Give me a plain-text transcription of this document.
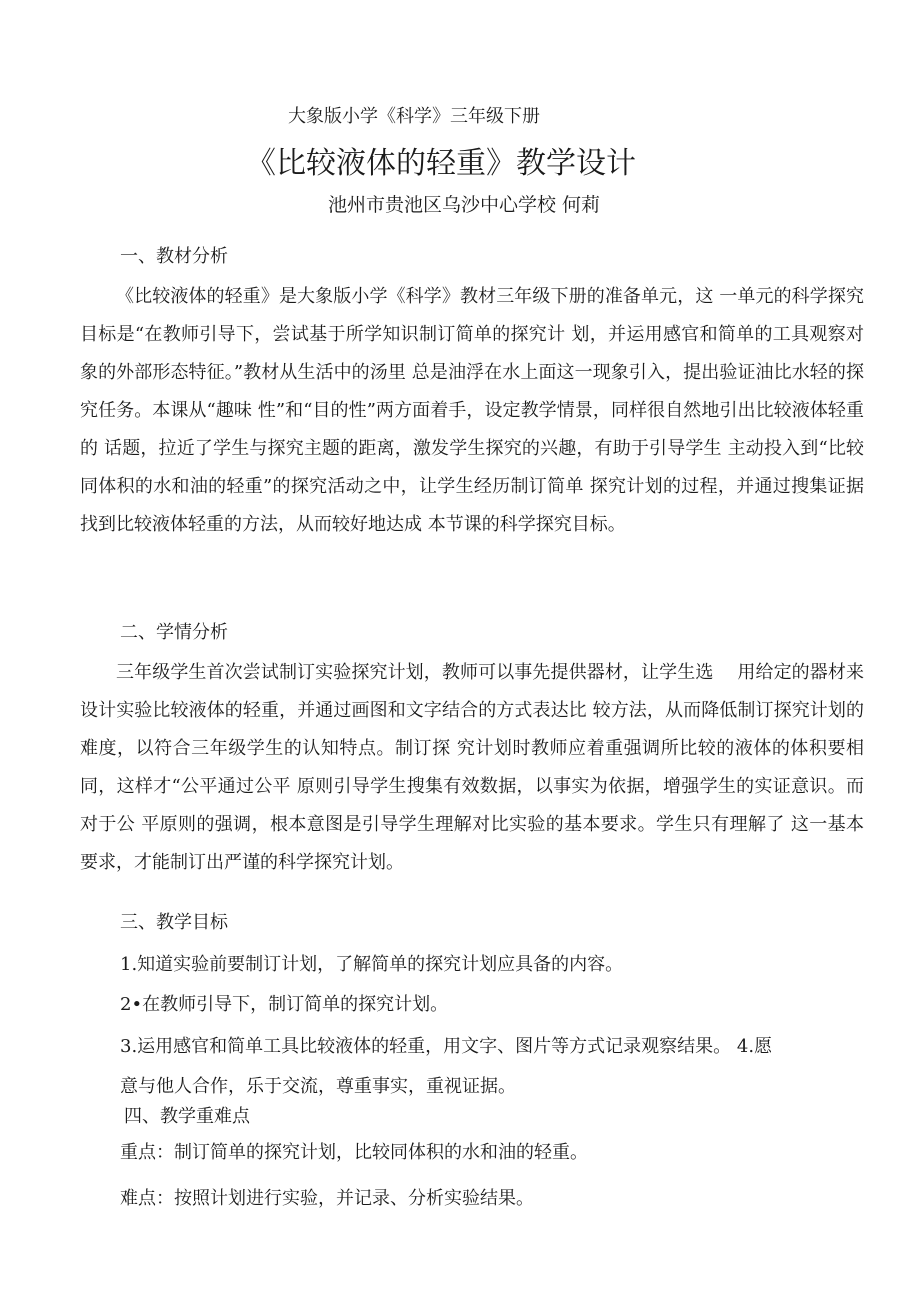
大象版小学《科学》三年级下册
《比较液体的轻重》教学设计
池州市贵池区乌沙中心学校 何莉
一、教材分析
《比较液体的轻重》是大象版小学《科学》教材三年级下册的准备单元，这 一单元的科学探究目标是“在教师引导下，尝试基于所学知识制订简单的探究计 划，并运用感官和简单的工具观察对象的外部形态特征。”教材从生活中的汤里 总是油浮在水上面这一现象引入，提出验证油比水轻的探究任务。本课从“趣味 性”和“目的性”两方面着手，设定教学情景，同样很自然地引出比较液体轻重的 话题，拉近了学生与探究主题的距离，激发学生探究的兴趣，有助于引导学生 主动投入到“比较同体积的水和油的轻重”的探究活动之中，让学生经历制订简单 探究计划的过程，并通过搜集证据找到比较液体轻重的方法，从而较好地达成 本节课的科学探究目标。
二、学情分析
三年级学生首次尝试制订实验探究计划，教师可以事先提供器材，让学生选　 用给定的器材来设计实验比较液体的轻重，并通过画图和文字结合的方式表达比 较方法，从而降低制订探究计划的难度，以符合三年级学生的认知特点。制订探 究计划时教师应着重强调所比较的液体的体积要相同，这样才“公平通过公平 原则引导学生搜集有效数据，以事实为依据，增强学生的实证意识。而对于公 平原则的强调，根本意图是引导学生理解对比实验的基本要求。学生只有理解了 这一基本要求，才能制订出严谨的科学探究计划。
三、教学目标
1.知道实验前要制订计划，了解简单的探究计划应具备的内容。
2•在教师引导下，制订简单的探究计划。
3.运用感官和简单工具比较液体的轻重，用文字、图片等方式记录观察结果。 4.愿
意与他人合作，乐于交流，尊重事实，重视证据。
四、教学重难点
重点：制订简单的探究计划，比较同体积的水和油的轻重。
难点：按照计划进行实验，并记录、分析实验结果。
